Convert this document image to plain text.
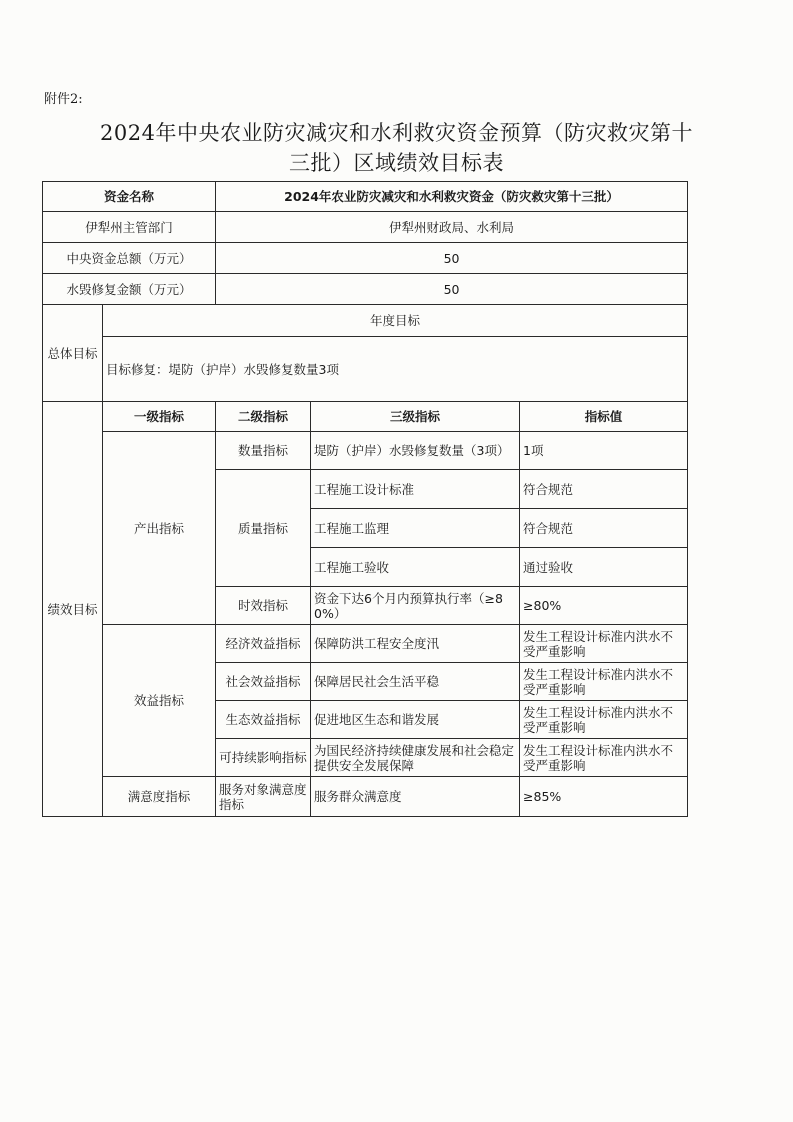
附件2:
2024年中央农业防灾减灾和水利救灾资金预算（防灾救灾第十
三批）区域绩效目标表
资金名称		2024年农业防灾减灾和水利救灾资金（防灾救灾第十三批）		
伊犁州主管部门		伊犁州财政局、水利局		
中央资金总额（万元）		50		
水毁修复金额（万元）		50		
总体目标	年度目标			
	目标修复：堤防（护岸）水毁修复数量3项			
绩效目标	一级指标	二级指标	三级指标	指标值
	产出指标	数量指标	堤防（护岸）水毁修复数量（3项）	1项
		质量指标	工程施工设计标准	符合规范
			工程施工监理	符合规范
			工程施工验收	通过验收
		时效指标	资金下达6个月内预算执行率（≥80%）	≥80%
	效益指标	经济效益指标	保障防洪工程安全度汛	发生工程设计标准内洪水不受严重影响
		社会效益指标	保障居民社会生活平稳	发生工程设计标准内洪水不受严重影响
		生态效益指标	促进地区生态和谐发展	发生工程设计标准内洪水不受严重影响
		可持续影响指标	为国民经济持续健康发展和社会稳定提供安全发展保障	发生工程设计标准内洪水不受严重影响
	满意度指标	服务对象满意度指标	服务群众满意度	≥85%
